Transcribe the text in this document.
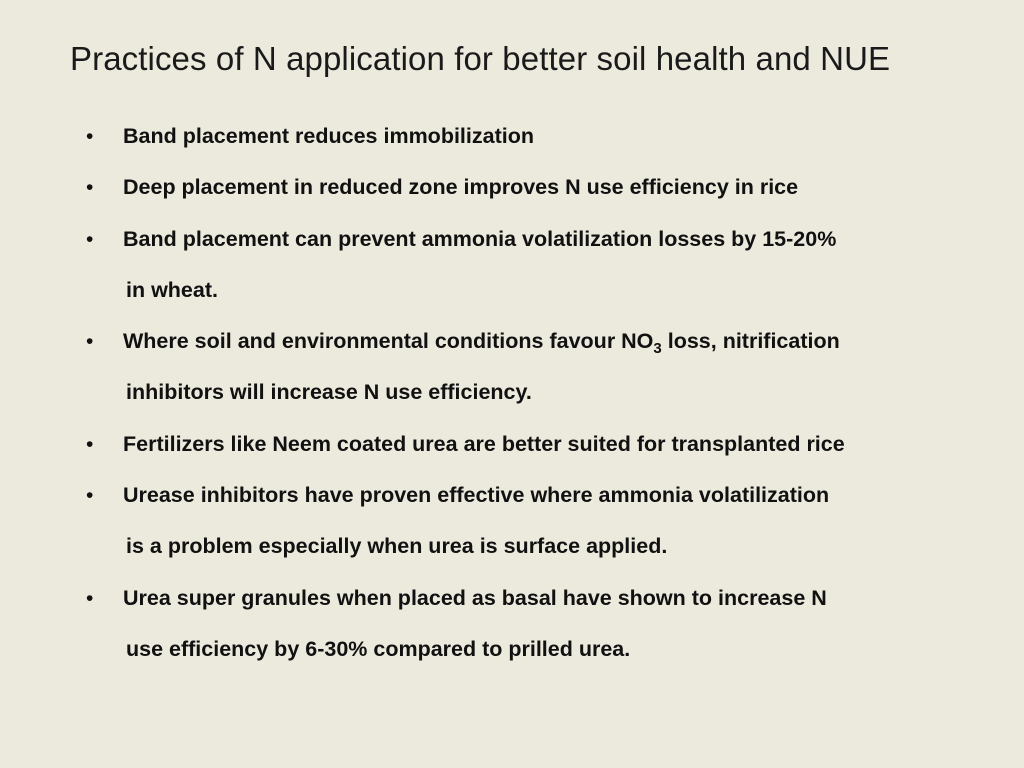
Practices of N application for better soil health and NUE
• Band placement reduces immobilization
• Deep placement in reduced zone improves N use efficiency in rice
• Band placement can prevent ammonia volatilization losses by 15-20%
in wheat.
• Where soil and environmental conditions favour $NO_3$ loss, nitrification
inhibitors will increase N use efficiency.
• Fertilizers like Neem coated urea are better suited for transplanted rice
• Urease inhibitors have proven effective where ammonia volatilization
is a problem especially when urea is surface applied.
• Urea super granules when placed as basal have shown to increase N
use efficiency by 6-30% compared to prilled urea.
